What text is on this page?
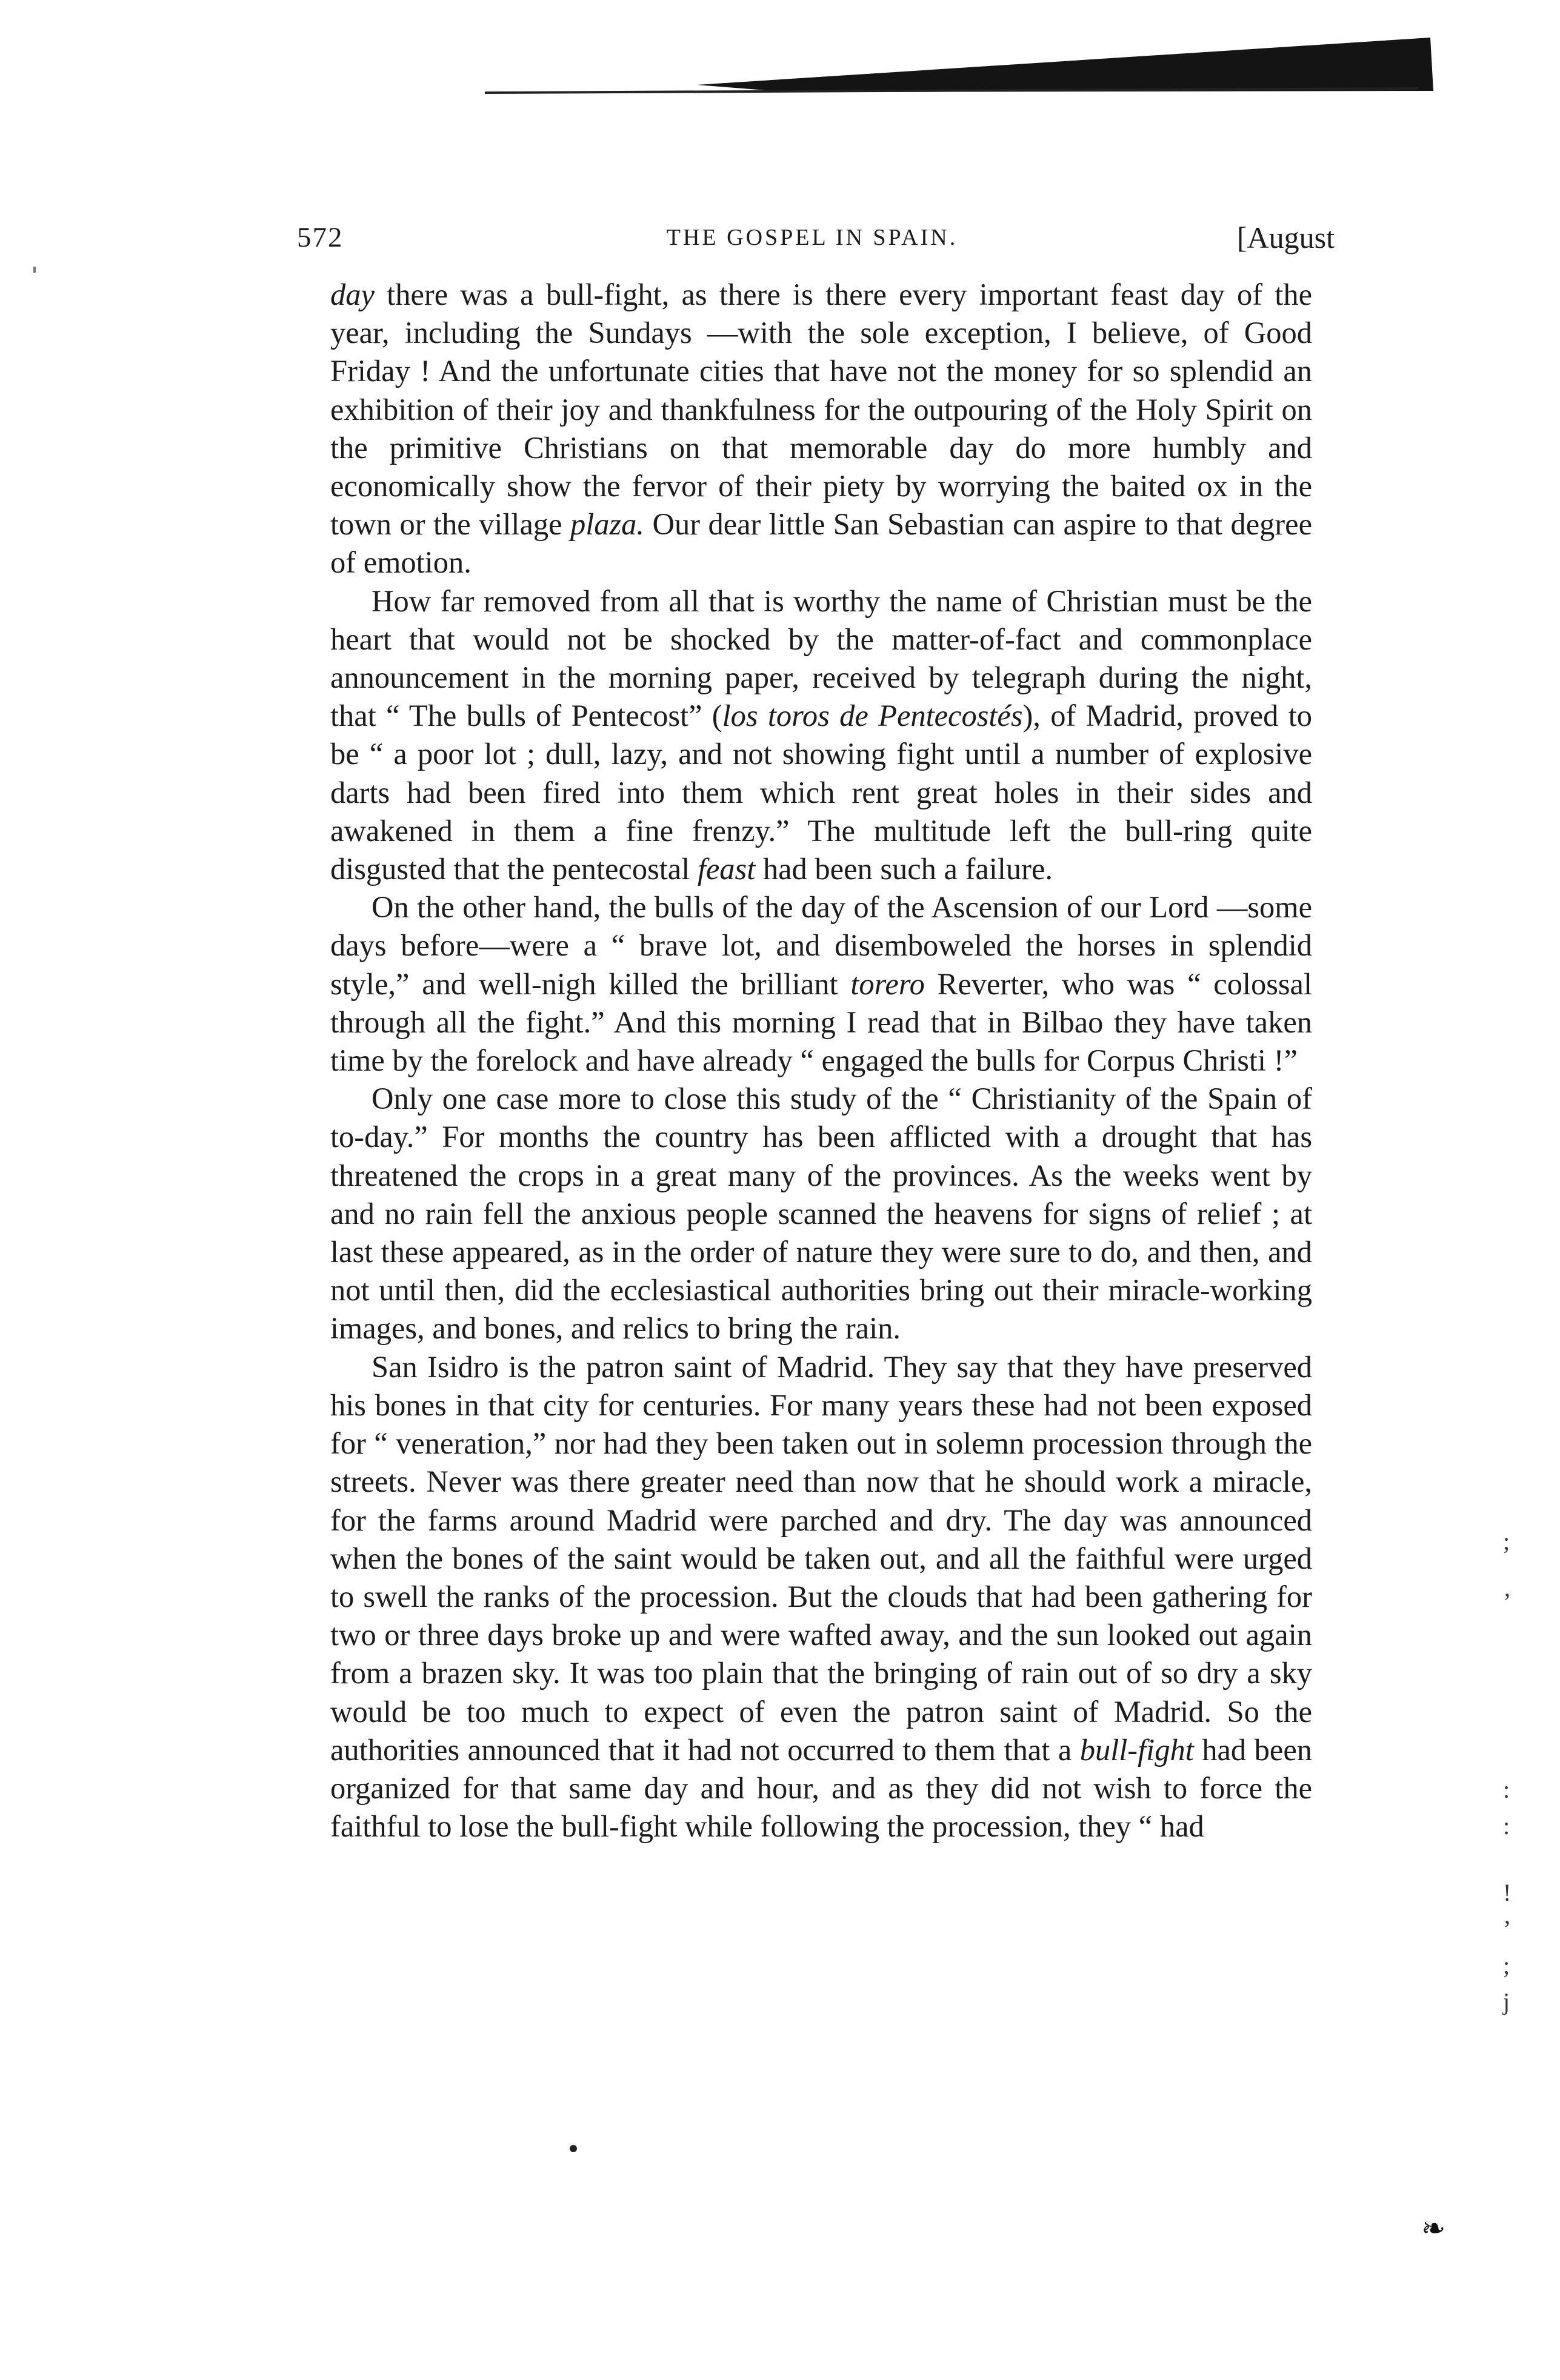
572	THE GOSPEL IN SPAIN.	[August

day there was a bull-fight, as there is there every important feast day of the year, including the Sundays —with the sole exception, I believe, of Good Friday ! And the unfortunate cities that have not the money for so splendid an exhibition of their joy and thankfulness for the outpouring of the Holy Spirit on the primitive Christians on that memorable day do more humbly and economically show the fervor of their piety by worrying the baited ox in the town or the village plaza. Our dear little San Sebastian can aspire to that degree of emotion.

How far removed from all that is worthy the name of Christian must be the heart that would not be shocked by the matter-of-fact and commonplace announcement in the morning paper, received by telegraph during the night, that “ The bulls of Pentecost” (los toros de Pentecostés), of Madrid, proved to be “ a poor lot ; dull, lazy, and not showing fight until a number of explosive darts had been fired into them which rent great holes in their sides and awakened in them a fine frenzy.” The multitude left the bull-ring quite disgusted that the pentecostal feast had been such a failure.

On the other hand, the bulls of the day of the Ascension of our Lord —some days before—were a “ brave lot, and disemboweled the horses in splendid style,” and well-nigh killed the brilliant torero Reverter, who was “ colossal through all the fight.” And this morning I read that in Bilbao they have taken time by the forelock and have already “ engaged the bulls for Corpus Christi !”

Only one case more to close this study of the “ Christianity of the Spain of to-day.” For months the country has been afflicted with a drought that has threatened the crops in a great many of the provinces. As the weeks went by and no rain fell the anxious people scanned the heavens for signs of relief ; at last these appeared, as in the order of nature they were sure to do, and then, and not until then, did the ecclesiastical authorities bring out their miracle-working images, and bones, and relics to bring the rain.

San Isidro is the patron saint of Madrid. They say that they have preserved his bones in that city for centuries. For many years these had not been exposed for “ veneration,” nor had they been taken out in solemn procession through the streets. Never was there greater need than now that he should work a miracle, for the farms around Madrid were parched and dry. The day was announced when the bones of the saint would be taken out, and all the faithful were urged to swell the ranks of the procession. But the clouds that had been gathering for two or three days broke up and were wafted away, and the sun looked out again from a brazen sky. It was too plain that the bringing of rain out of so dry a sky would be too much to expect of even the patron saint of Madrid. So the authorities announced that it had not occurred to them that a bull-fight had been organized for that same day and hour, and as they did not wish to force the faithful to lose the bull-fight while following the procession, they “ had

;
’
:
:
!
’
;
j
❧
